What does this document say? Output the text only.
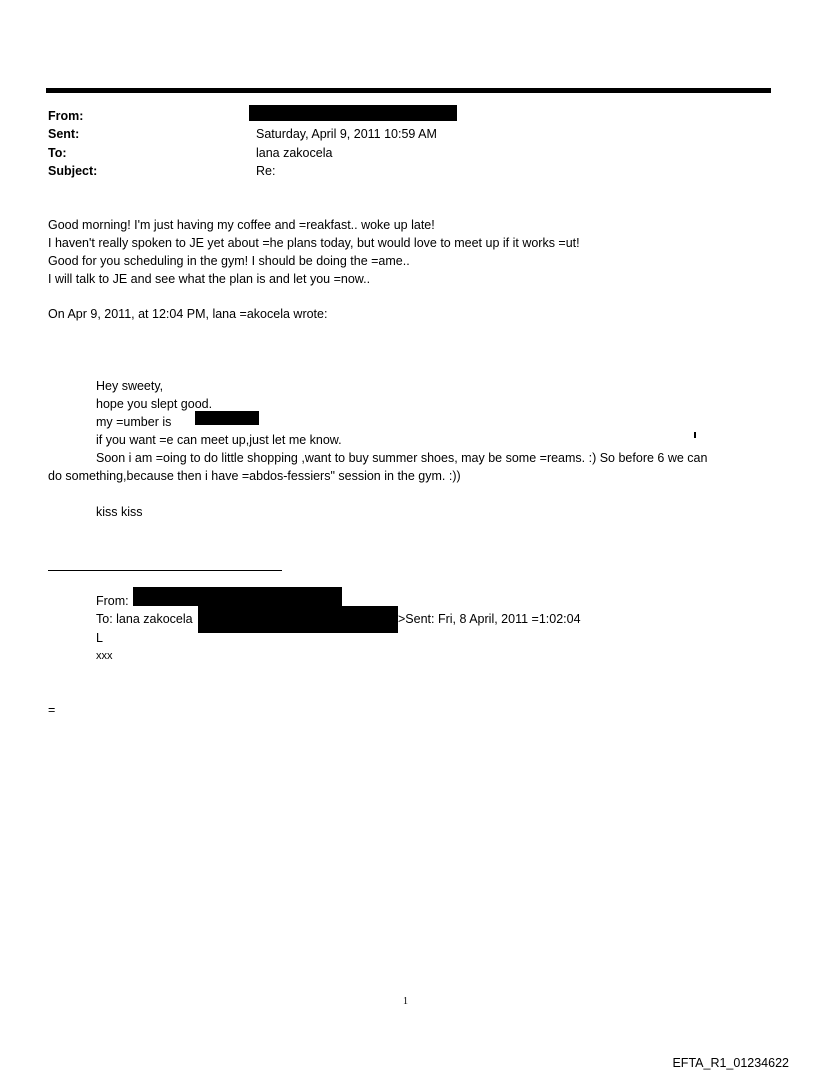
From:
Sent:	Saturday, April 9, 2011 10:59 AM
To:	lana zakocela
Subject:	Re:
Good morning! I'm just having my coffee and =reakfast.. woke up late!
I haven't really spoken to JE yet about =he plans today, but would love to meet up if it works =ut!
Good for you scheduling in the gym! I should be doing the =ame..
I will talk to JE and see what the plan is and let you =now..
On Apr 9, 2011, at 12:04 PM, lana =akocela wrote:
Hey sweety,
hope you slept good.
my =umber is
if you want =e can meet up,just let me know.
Soon i am =oing to do little shopping ,want to buy summer shoes, may be some =reams. :) So before 6 we can
do something,because then i have =abdos-fessiers" session in the gym. :))
kiss kiss
From:
To: lana zakocela	>Sent: Fri, 8 April, 2011 =1:02:04
L
xxx
=
1
EFTA_R1_01234622
